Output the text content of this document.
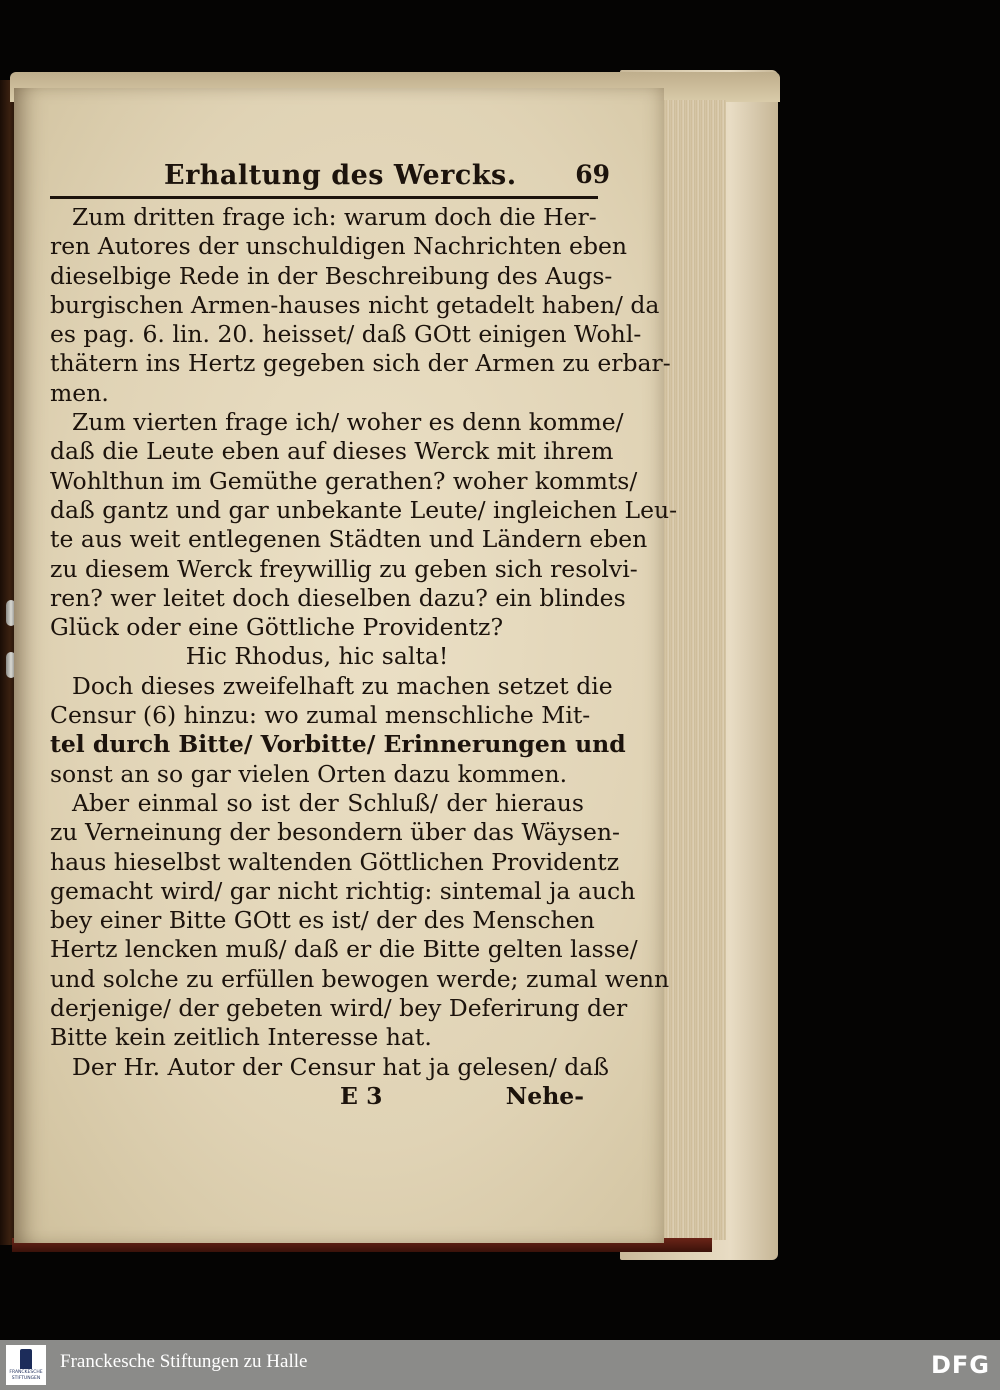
Erhaltung des Wercks. 69
Zum dritten frage ich: warum doch die Her-
ren Autores der unschuldigen Nachrichten eben
dieselbige Rede in der Beschreibung des Augs-
burgischen Armen-hauses nicht getadelt haben/ da
es pag. 6. lin. 20. heisset/ daß GOtt einigen Wohl-
thätern ins Hertz gegeben sich der Armen zu erbar-
men.
Zum vierten frage ich/ woher es denn komme/
daß die Leute eben auf dieses Werck mit ihrem
Wohlthun im Gemüthe gerathen? woher kommts/
daß gantz und gar unbekante Leute/ ingleichen Leu-
te aus weit entlegenen Städten und Ländern eben
zu diesem Werck freywillig zu geben sich resolvi-
ren? wer leitet doch dieselben dazu? ein blindes
Glück oder eine Göttliche Providentz?
Hic Rhodus, hic salta!
Doch dieses zweifelhaft zu machen setzet die
Censur (6) hinzu: wo zumal menschliche Mit-
tel durch Bitte/ Vorbitte/ Erinnerungen und
sonst an so gar vielen Orten dazu kommen.
Aber einmal so ist der Schluß/ der hieraus
zu Verneinung der besondern über das Wäysen-
haus hieselbst waltenden Göttlichen Providentz
gemacht wird/ gar nicht richtig: sintemal ja auch
bey einer Bitte GOtt es ist/ der des Menschen
Hertz lencken muß/ daß er die Bitte gelten lasse/
und solche zu erfüllen bewogen werde; zumal wenn
derjenige/ der gebeten wird/ bey Deferirung der
Bitte kein zeitlich Interesse hat.
Der Hr. Autor der Censur hat ja gelesen/ daß
E 3	Nehe-
FRANCKESCHE
STIFTUNGEN
Franckesche Stiftungen zu Halle	DFG
